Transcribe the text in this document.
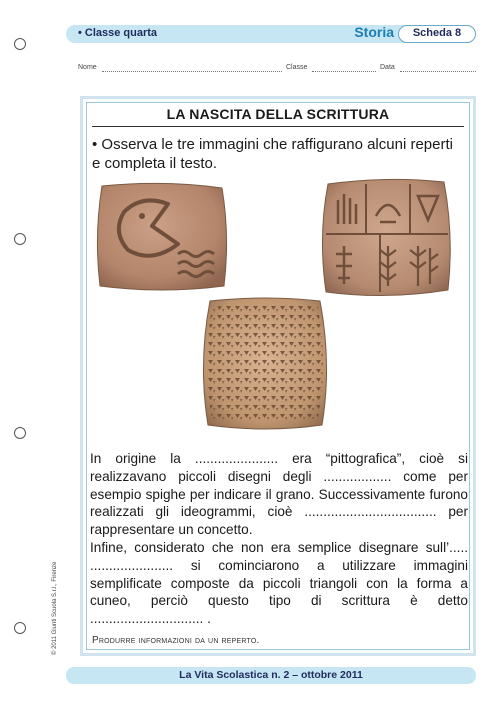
• Classe quarta	Storia	Scheda 8
Nome	Classe	Data
LA NASCITA DELLA SCRITTURA
• Osserva le tre immagini che raffigurano alcuni reperti e completa il testo.

In origine la ...................... era “pittografica”, cioè si realizzavano piccoli disegni degli .................. come per esempio spighe per indicare il grano. Successivamente furono realizzati gli ideogrammi, cioè ................................... per rappresentare un concetto.

Infine, considerato che non era semplice disegnare sull’..... ...................... si cominciarono a utilizzare immagini semplificate composte da piccoli triangoli con la forma a cuneo, perciò questo tipo di scrittura è detto .............................. .

Produrre informazioni da un reperto.
© 2011 Giunti Scuola S.r.l., Firenze
La Vita Scolastica n. 2 – ottobre 2011
